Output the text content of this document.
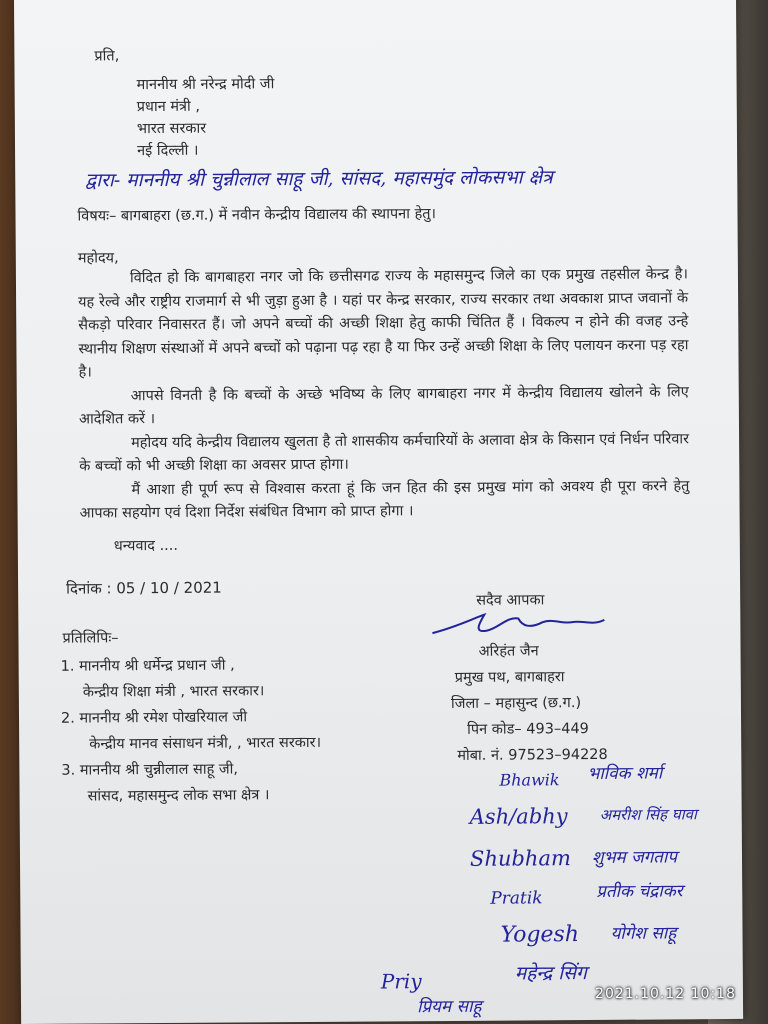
प्रति,
माननीय श्री नरेन्द्र मोदी जी
प्रधान मंत्री ,
भारत सरकार
नई दिल्ली ।
द्वारा- माननीय श्री चुन्नीलाल साहू जी, सांसद, महासमुंद लोकसभा क्षेत्र
विषयः– बागबाहरा (छ.ग.) में नवीन केन्द्रीय विद्यालय की स्थापना हेतु।
महोदय,

विदित हो कि बागबाहरा नगर जो कि छत्तीसगढ राज्य के महासमुन्द जिले का एक प्रमुख तहसील केन्द्र है। यह रेल्वे और राष्ट्रीय राजमार्ग से भी जुड़ा हुआ है । यहां पर केन्द्र सरकार, राज्य सरकार तथा अवकाश प्राप्त जवानों के सैकड़ो परिवार निवासरत हैं। जो अपने बच्चों की अच्छी शिक्षा हेतु काफी चिंतित हैं । विकल्प न होने की वजह उन्हे स्थानीय शिक्षण संस्थाओं में अपने बच्चों को पढ़ाना पढ़ रहा है या फिर उन्हें अच्छी शिक्षा के लिए पलायन करना पड़ रहा है।

आपसे विनती है कि बच्चों के अच्छे भविष्य के लिए बागबाहरा नगर में केन्द्रीय विद्यालय खोलने के लिए आदेशित करें ।

महोदय यदि केन्द्रीय विद्यालय खुलता है तो शासकीय कर्मचारियों के अलावा क्षेत्र के किसान एवं निर्धन परिवार के बच्चों को भी अच्छी शिक्षा का अवसर प्राप्त होगा।

मैं आशा ही पूर्ण रूप से विश्वास करता हूं कि जन हित की इस प्रमुख मांग को अवश्य ही पूरा करने हेतु आपका सहयोग एवं दिशा निर्देश संबंधित विभाग को प्राप्त होगा ।

धन्यवाद ....
दिनांक : 05 / 10 / 2021
प्रतिलिपिः–
1. माननीय श्री धर्मेन्द्र प्रधान जी ,
केन्द्रीय शिक्षा मंत्री , भारत सरकार।
2. माननीय श्री रमेश पोखरियाल जी
केन्द्रीय मानव संसाधन मंत्री, , भारत सरकार।
3. माननीय श्री चुन्नीलाल साहू जी,
सांसद, महासमुन्द लोक सभा क्षेत्र ।
सदैव आपका
अरिहंत जैन
प्रमुख पथ, बागबाहरा
जिला – महासुन्द (छ.ग.)
पिन कोड– 493–449
मोबा. नं. 97523–94228
Bhawik भाविक शर्मा
Ash/abhy अमरीश सिंह घावा
Shubham शुभम जगताप
Pratik	प्रतीक चंद्राकर
Yogesh योगेश साहू
महेन्द्र सिंग
Priy
प्रियम साहू
2021.10.12 10:18
